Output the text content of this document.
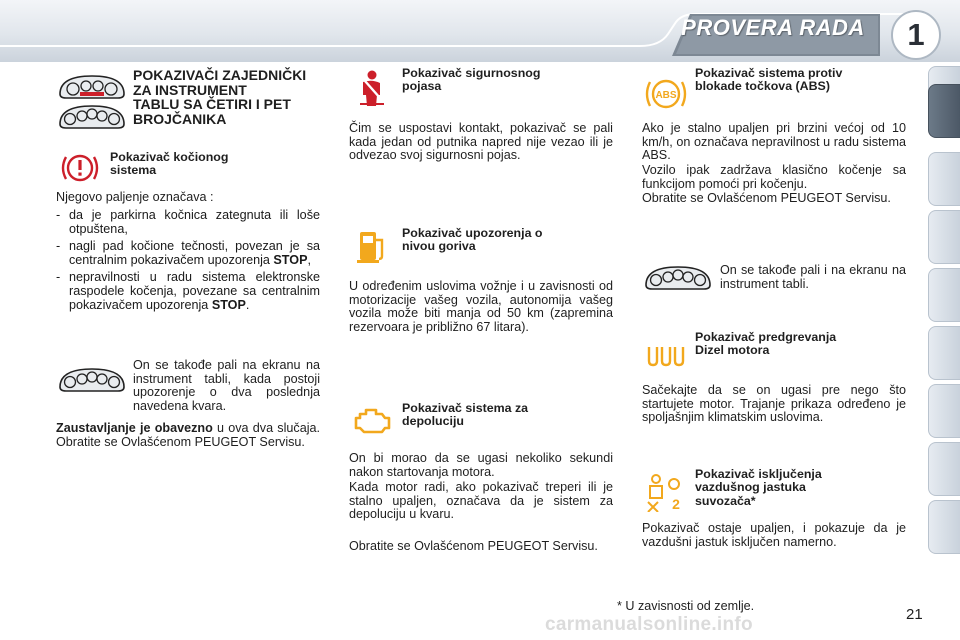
PROVERA RADA	1
POKAZIVAČI ZAJEDNIČKI
ZA INSTRUMENT
TABLU SA ČETIRI I PET
BROJČANIKA
Pokazivač kočionog
sistema
Njegovo paljenje označava :
- da je parkirna kočnica zategnuta ili loše otpuštena,
- nagli pad kočione tečnosti, povezan je sa centralnim pokazivačem upozorenja STOP,
- nepravilnosti u radu sistema elektronske raspodele kočenja, povezane sa centralnim pokazivačem upozorenja STOP.
On se takođe pali na ekranu na instrument tabli, kada postoji upozorenje o dva poslednja navedena kvara.
Zaustavljanje je obavezno u ova dva slučaja. Obratite se Ovlašćenom PEUGEOT Servisu.
Pokazivač sigurnosnog
pojasa
Čim se uspostavi kontakt, pokazivač se pali kada jedan od putnika napred nije vezao ili je odvezao svoj sigurnosni pojas.
Pokazivač upozorenja o
nivou goriva
U određenim uslovima vožnje i u zavisnosti od motorizacije vašeg vozila, autonomija vašeg vozila može biti manja od 50 km (zapremina rezervoara je približno 67 litara).
Pokazivač sistema za
depoluciju
On bi morao da se ugasi nekoliko sekundi nakon startovanja motora.
Kada motor radi, ako pokazivač treperi ili je stalno upaljen, označava da je sistem za depoluciju u kvaru.
Obratite se Ovlašćenom PEUGEOT Servisu.
ABS
Pokazivač sistema protiv
blokade točkova (ABS)
Ako je stalno upaljen pri brzini većoj od 10 km/h, on označava nepravilnost u radu sistema ABS.
Vozilo ipak zadržava klasično kočenje sa funkcijom pomoći pri kočenju.
Obratite se Ovlašćenom PEUGEOT Servisu.
On se takođe pali i na ekranu na instrument tabli.
Pokazivač predgrevanja
Dizel motora
Sačekajte da se on ugasi pre nego što startujete motor. Trajanje prikaza određeno je spoljašnjim klimatskim uslovima.
2
Pokazivač isključenja
vazdušnog jastuka
suvozača*
Pokazivač ostaje upaljen, i pokazuje da je vazdušni jastuk isključen namerno.
* U zavisnosti od zemlje.	21
carmanualsonline.info
